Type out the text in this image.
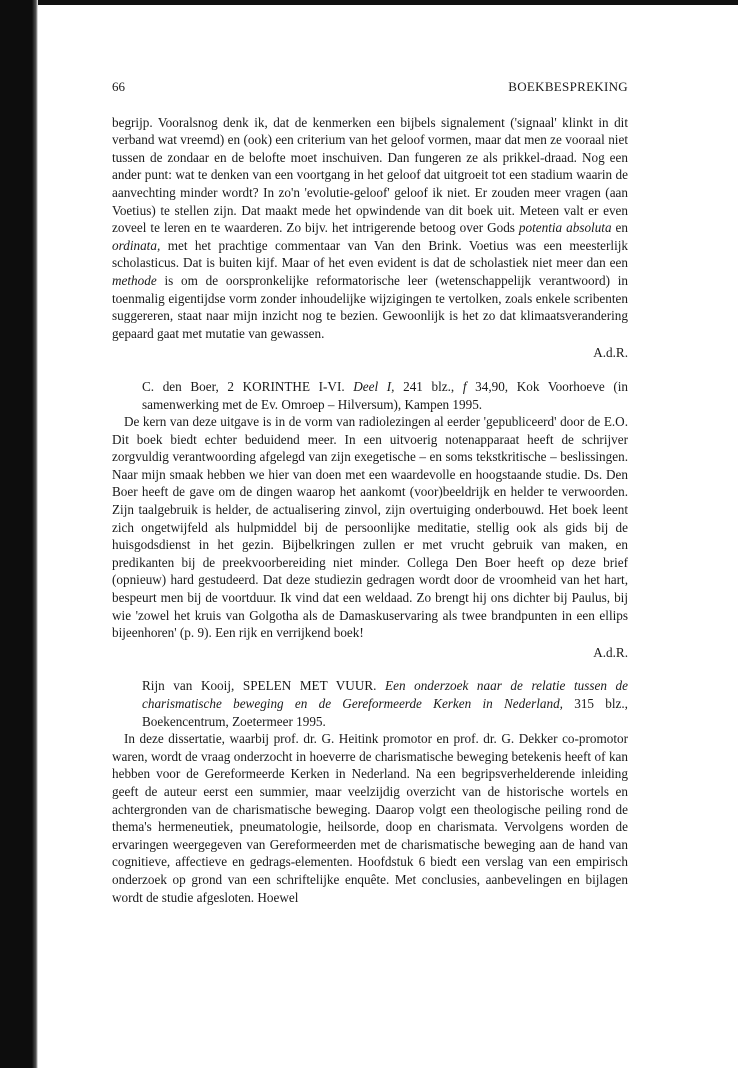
66	BOEKBESPREKING

begrijp. Vooralsnog denk ik, dat de kenmerken een bijbels signalement ('signaal' klinkt in dit verband wat vreemd) en (ook) een criterium van het geloof vormen, maar dat men ze vooraal niet tussen de zondaar en de belofte moet inschuiven. Dan fungeren ze als prikkel-draad. Nog een ander punt: wat te denken van een voortgang in het geloof dat uitgroeit tot een stadium waarin de aanvechting minder wordt? In zo'n 'evolutie-geloof' geloof ik niet. Er zouden meer vragen (aan Voetius) te stellen zijn. Dat maakt mede het opwindende van dit boek uit. Meteen valt er even zoveel te leren en te waarderen. Zo bijv. het intrigerende betoog over Gods potentia absoluta en ordinata, met het prachtige commentaar van Van den Brink. Voetius was een meesterlijk scholasticus. Dat is buiten kijf. Maar of het even evident is dat de scholastiek niet meer dan een methode is om de oorspronkelijke reformatorische leer (wetenschappelijk verantwoord) in toenmalig eigentijdse vorm zonder inhoudelijke wijzigingen te vertolken, zoals enkele scribenten suggereren, staat naar mijn inzicht nog te bezien. Gewoonlijk is het zo dat klimaatsverandering gepaard gaat met mutatie van gewassen.

A.d.R.

C. den Boer, 2 KORINTHE I-VI. Deel I, 241 blz., f 34,90, Kok Voorhoeve (in samenwerking met de Ev. Omroep – Hilversum), Kampen 1995.

De kern van deze uitgave is in de vorm van radiolezingen al eerder 'gepubliceerd' door de E.O. Dit boek biedt echter beduidend meer. In een uitvoerig notenapparaat heeft de schrijver zorgvuldig verantwoording afgelegd van zijn exegetische – en soms tekstkritische – beslissingen. Naar mijn smaak hebben we hier van doen met een waardevolle en hoogstaande studie. Ds. Den Boer heeft de gave om de dingen waarop het aankomt (voor)beeldrijk en helder te verwoorden. Zijn taalgebruik is helder, de actualisering zinvol, zijn overtuiging onderbouwd. Het boek leent zich ongetwijfeld als hulpmiddel bij de persoonlijke meditatie, stellig ook als gids bij de huisgodsdienst in het gezin. Bijbelkringen zullen er met vrucht gebruik van maken, en predikanten bij de preekvoorbereiding niet minder. Collega Den Boer heeft op deze brief (opnieuw) hard gestudeerd. Dat deze studiezin gedragen wordt door de vroomheid van het hart, bespeurt men bij de voortduur. Ik vind dat een weldaad. Zo brengt hij ons dichter bij Paulus, bij wie 'zowel het kruis van Golgotha als de Damaskuservaring als twee brandpunten in een ellips bijeenhoren' (p. 9). Een rijk en verrijkend boek!

A.d.R.

Rijn van Kooij, SPELEN MET VUUR. Een onderzoek naar de relatie tussen de charismatische beweging en de Gereformeerde Kerken in Nederland, 315 blz., Boekencentrum, Zoetermeer 1995.

In deze dissertatie, waarbij prof. dr. G. Heitink promotor en prof. dr. G. Dekker co-promotor waren, wordt de vraag onderzocht in hoeverre de charismatische beweging betekenis heeft of kan hebben voor de Gereformeerde Kerken in Nederland. Na een begripsverhelderende inleiding geeft de auteur eerst een summier, maar veelzijdig overzicht van de historische wortels en achtergronden van de charismatische beweging. Daarop volgt een theologische peiling rond de thema's hermeneutiek, pneumatologie, heilsorde, doop en charismata. Vervolgens worden de ervaringen weergegeven van Gereformeerden met de charismatische beweging aan de hand van cognitieve, affectieve en gedrags-elementen. Hoofdstuk 6 biedt een verslag van een empirisch onderzoek op grond van een schriftelijke enquête. Met conclusies, aanbevelingen en bijlagen wordt de studie afgesloten. Hoewel
